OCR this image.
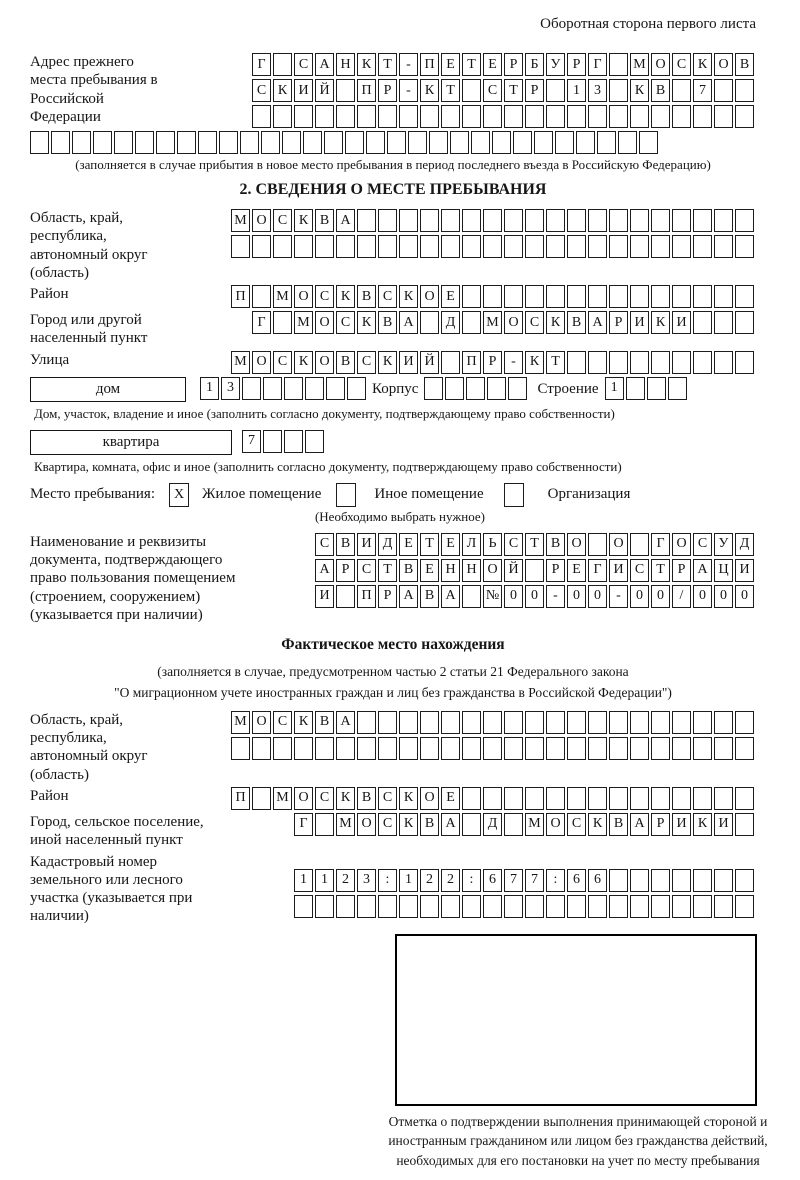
Оборотная сторона первого листа
Адрес прежнего места пребывания в Российской Федерации
Г	С А Н К Т	- П Е Т Е Р Б У Р Г	М О С К О В
С К И Й	П Р	-	К Т	С Т Р	1	3	К В	7
(заполняется в случае прибытия в новое место пребывания в период последнего въезда в Российскую Федерацию)
2. СВЕДЕНИЯ О МЕСТЕ ПРЕБЫВАНИЯ
Область, край, республика, автономный округ (область)
М О С К В А
Район	П	М О С К В С К О Е
Город или другой населенный пункт
Г	М О С К В А	Д	М О С К В А Р И К И
Улица	М О С К О В С К И Й	П Р	-	К Т
дом	1	3	Корпус	Строение 1
Дом, участок, владение и иное (заполнить согласно документу, подтверждающему право собственности)
квартира	7
Квартира, комната, офис и иное (заполнить согласно документу, подтверждающему право собственности)
Место пребывания:	X	Жилое помещение	Иное помещение	Организация
(Необходимо выбрать нужное)
Наименование и реквизиты документа, подтверждающего право пользования помещением (строением, сооружением) (указывается при наличии)
С В И Д Е Т Е Л Ь С Т В О	О	Г О С У Д
А Р С Т В Е Н Н О Й	Р Е Г И С Т Р А Ц И
И	П Р А В А	№ 0	0	-	0	0	-	0	0	/	0	0	0
Фактическое место нахождения
(заполняется в случае, предусмотренном частью 2 статьи 21 Федерального закона
"О миграционном учете иностранных граждан и лиц без гражданства в Российской Федерации")
Область, край, республика, автономный округ (область)
М О С К В А
Район	П	М О С К В С К О Е
Город, сельское поселение, иной населенный пункт
Г	М О С К В А	Д	М О С К В А Р И К И
Кадастровый номер земельного или лесного участка (указывается при наличии)
1	1	2	3	:	1	2	2	:	6	7	7	:	6	6
Отметка о подтверждении выполнения принимающей стороной и иностранным гражданином или лицом без гражданства действий, необходимых для его постановки на учет по месту пребывания
